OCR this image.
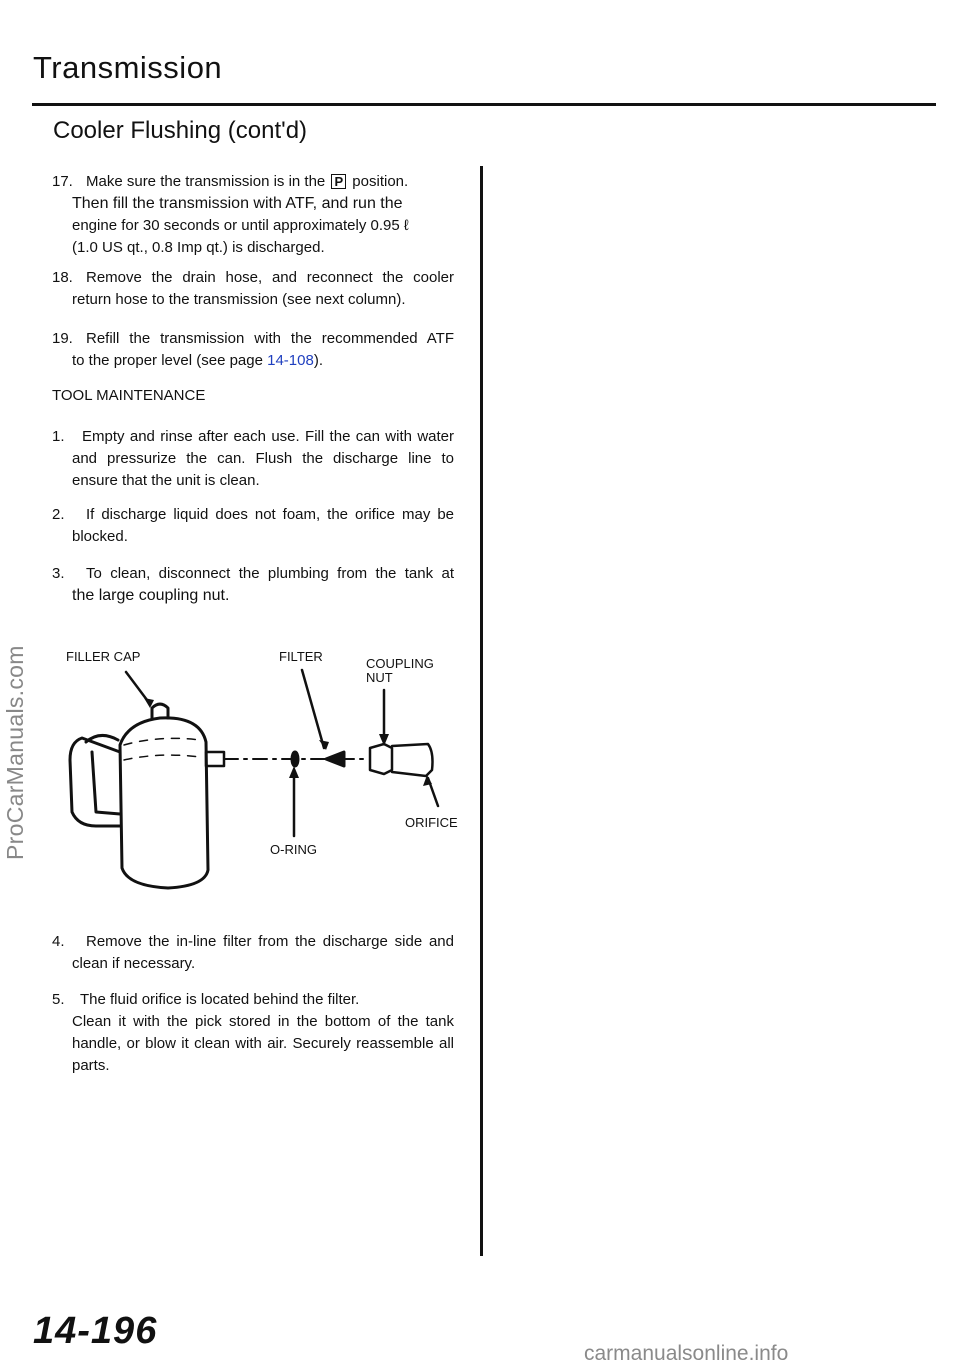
Transmission
Cooler Flushing (cont'd)
17. Make sure the transmission is in the P position.
Then fill the transmission with ATF, and run the
engine for 30 seconds or until approximately 0.95 ℓ
(1.0 US qt., 0.8 Imp qt.) is discharged.
18. Remove the drain hose, and reconnect the cooler
return hose to the transmission (see next column).
19. Refill the transmission with the recommended ATF
to the proper level (see page 14-108).
TOOL MAINTENANCE
1. Empty and rinse after each use. Fill the can with water
and pressurize the can. Flush the discharge line to ensure that the unit is clean.
2. If discharge liquid does not foam, the orifice may be
blocked.
3. To clean, disconnect the plumbing from the tank at
the large coupling nut.
4. Remove the in-line filter from the discharge side and
clean if necessary.
5. The fluid orifice is located behind the filter.
Clean it with the pick stored in the bottom of the tank handle, or blow it clean with air. Securely reassemble all parts.
FILLER CAP	FILTER	COUPLING
NUT
ORIFICE
O-RING
ProCarManuals.com
14-196
carmanualsonline.info
